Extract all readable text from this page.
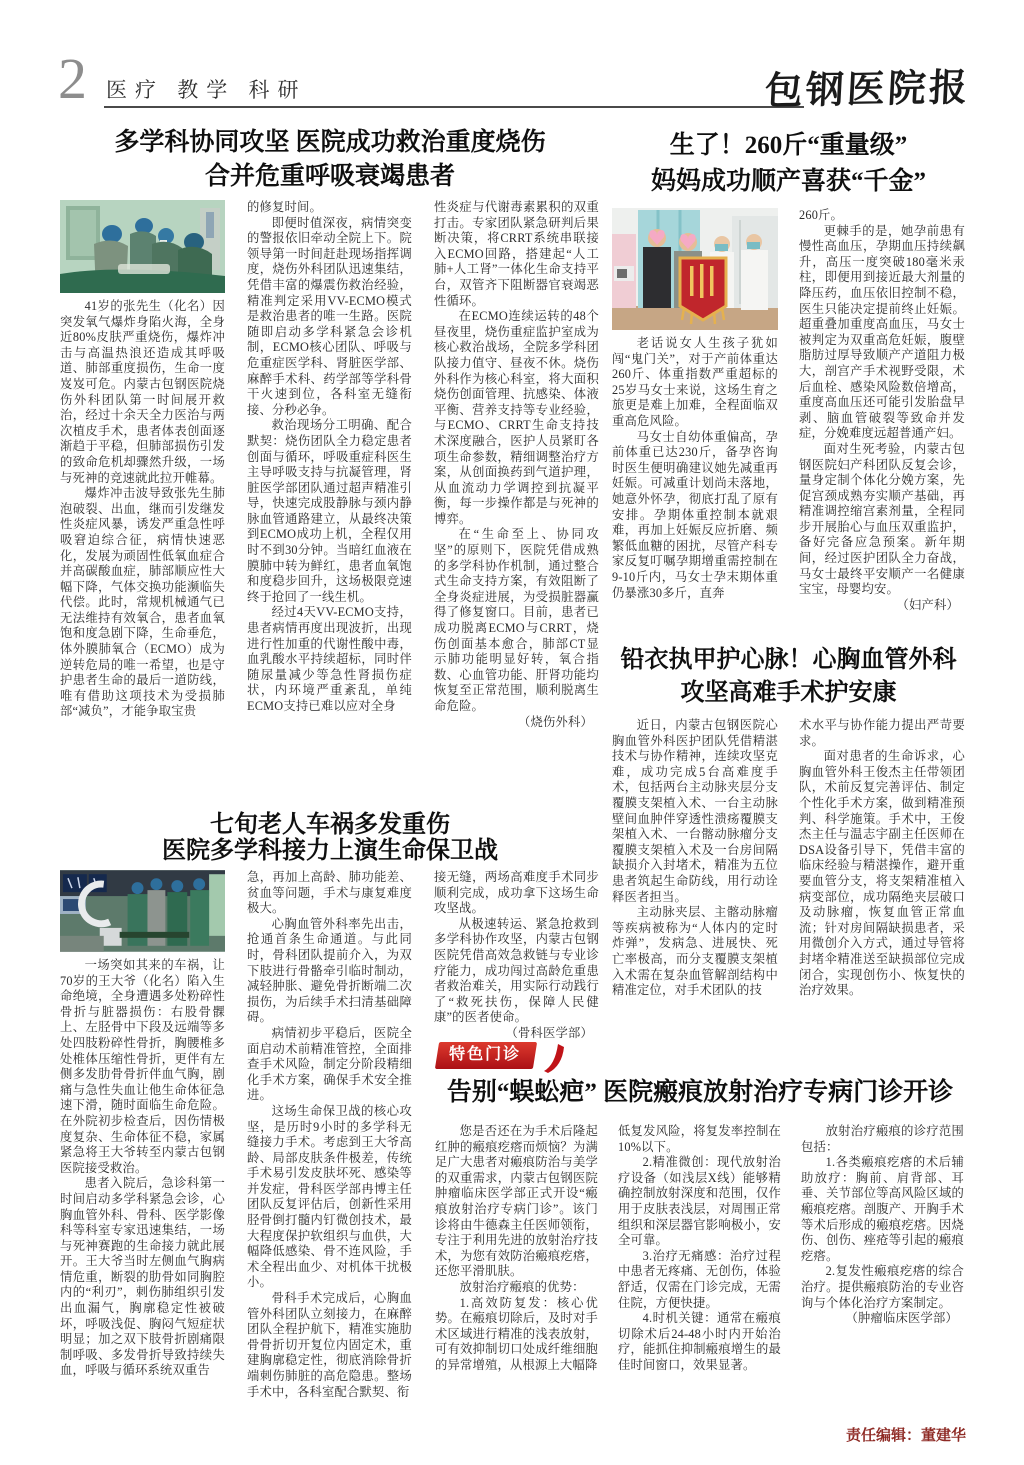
2 医疗 教学 科研	包钢医院报
多学科协同攻坚 医院成功救治重度烧伤
合并危重呼吸衰竭患者

41岁的张先生（化名）因突发氧气爆炸身陷火海，全身近80%皮肤严重烧伤，爆炸冲击与高温热浪还造成其呼吸道、肺部重度损伤，生命一度岌岌可危。内蒙古包钢医院烧伤外科团队第一时间展开救治，经过十余天全力医治与两次植皮手术，患者体表创面逐渐趋于平稳，但肺部损伤引发的致命危机却骤然升级，一场与死神的竞速就此拉开帷幕。

爆炸冲击波导致张先生肺泡破裂、出血，继而引发继发性炎症风暴，诱发严重急性呼吸窘迫综合征，病情快速恶化，发展为顽固性低氧血症合并高碳酸血症，肺部顺应性大幅下降，气体交换功能濒临失代偿。此时，常规机械通气已无法维持有效氧合，患者血氧饱和度急剧下降，生命垂危，体外膜肺氧合（ECMO）成为逆转危局的唯一希望，也是守护患者生命的最后一道防线，唯有借助这项技术为受损肺部“减负”，才能争取宝贵

的修复时间。

即便时值深夜，病情突变的警报依旧牵动全院上下。院领导第一时间赶赴现场指挥调度，烧伤外科团队迅速集结，凭借丰富的爆震伤救治经验，精准判定采用VV-ECMO模式是救治患者的唯一生路。医院随即启动多学科紧急会诊机制，ECMO核心团队、呼吸与危重症医学科、肾脏医学部、麻醉手术科、药学部等学科骨干火速到位，各科室无缝衔接、分秒必争。

救治现场分工明确、配合默契：烧伤团队全力稳定患者创面与循环，呼吸重症科医生主导呼吸支持与抗凝管理，肾脏医学部团队通过超声精准引导，快速完成股静脉与颈内静脉血管通路建立，从最终决策到ECMO成功上机，全程仅用时不到30分钟。当暗红血液在膜肺中转为鲜红，患者血氧饱和度稳步回升，这场极限竞速终于抢回了一线生机。

经过4天VV-ECMO支持，患者病情再度出现波折，出现进行性加重的代谢性酸中毒，血乳酸水平持续超标，同时伴随尿量减少等急性肾损伤症状，内环境严重紊乱，单纯ECMO支持已难以应对全身

性炎症与代谢毒素累积的双重打击。专家团队紧急研判后果断决策，将CRRT系统串联接入ECMO回路，搭建起“人工肺+人工肾”一体化生命支持平台，双管齐下阻断器官衰竭恶性循环。

在ECMO连续运转的48个昼夜里，烧伤重症监护室成为核心救治战场，全院多学科团队接力值守、昼夜不休。烧伤外科作为核心科室，将大面积烧伤创面管理、抗感染、体液平衡、营养支持等专业经验，与ECMO、CRRT生命支持技术深度融合，医护人员紧盯各项生命参数，精细调整治疗方案，从创面换药到气道护理，从血流动力学调控到抗凝平衡，每一步操作都是与死神的博弈。

在“生命至上、协同攻坚”的原则下，医院凭借成熟的多学科协作机制，通过整合式生命支持方案，有效阻断了全身炎症进展，为受损脏器赢得了修复窗口。目前，患者已成功脱离ECMO与CRRT，烧伤创面基本愈合，肺部CT显示肺功能明显好转，氧合指数、心血管功能、肝肾功能均恢复至正常范围，顺利脱离生命危险。

（烧伤外科）

生了！260斤“重量级”
妈妈成功顺产喜获“千金”

老话说女人生孩子犹如闯“鬼门关”，对于产前体重达260斤、体重指数严重超标的25岁马女士来说，这场生育之旅更是难上加难，全程面临双重高危风险。

马女士自幼体重偏高，孕前体重已达230斤，备孕咨询时医生便明确建议她先减重再妊娠。可减重计划尚未落地，她意外怀孕，彻底打乱了原有安排。孕期体重控制本就艰难，再加上妊娠反应折磨、频繁低血糖的困扰，尽管产科专家反复叮嘱孕期增重需控制在9-10斤内，马女士孕末期体重仍暴涨30多斤，直奔

260斤。

更棘手的是，她孕前患有慢性高血压，孕期血压持续飙升，高压一度突破180毫米汞柱，即便用到接近最大剂量的降压药，血压依旧控制不稳，医生只能决定提前终止妊娠。超重叠加重度高血压，马女士被判定为双重高危妊娠，腹壁脂肪过厚导致顺产产道阻力极大，剖宫产手术视野受限，术后血栓、感染风险数倍增高，重度高血压还可能引发胎盘早剥、脑血管破裂等致命并发症，分娩难度远超普通产妇。

面对生死考验，内蒙古包钢医院妇产科团队反复会诊，量身定制个体化分娩方案，先促宫颈成熟夯实顺产基础，再精准调控缩宫素剂量，全程同步开展胎心与血压双重监护，备好完备应急预案。新年期间，经过医护团队全力奋战，马女士最终平安顺产一名健康宝宝，母婴均安。

（妇产科）

铅衣执甲护心脉！心胸血管外科
攻坚高难手术护安康

近日，内蒙古包钢医院心胸血管外科医护团队凭借精湛技术与协作精神，连续攻坚克难，成功完成5台高难度手术，包括两台主动脉夹层分支覆膜支架植入术、一台主动脉壁间血肿伴穿透性溃疡覆膜支架植入术、一台髂动脉瘤分支覆膜支架植入术及一台房间隔缺损介入封堵术，精准为五位患者筑起生命防线，用行动诠释医者担当。

主动脉夹层、主髂动脉瘤等疾病被称为“人体内的定时炸弹”，发病急、进展快、死亡率极高，而分支覆膜支架植入术需在复杂血管解剖结构中精准定位，对手术团队的技

术水平与协作能力提出严苛要求。

面对患者的生命诉求，心胸血管外科王俊杰主任带领团队，术前反复完善评估、制定个性化手术方案，做到精准预判、科学施策。手术中，王俊杰主任与温志宇副主任医师在DSA设备引导下，凭借丰富的临床经验与精湛操作，避开重要血管分支，将支架精准植入病变部位，成功隔绝夹层破口及动脉瘤，恢复血管正常血流；针对房间隔缺损患者，采用微创介入方式，通过导管将封堵伞精准送至缺损部位完成闭合，实现创伤小、恢复快的治疗效果。

七旬老人车祸多发重伤
医院多学科接力上演生命保卫战

一场突如其来的车祸，让70岁的王大爷（化名）陷入生命绝境，全身遭遇多处粉碎性骨折与脏器损伤：右股骨髁上、左胫骨中下段及远端等多处四肢粉碎性骨折，胸腰椎多处椎体压缩性骨折，更伴有左侧多发肋骨骨折伴血气胸，剧痛与急性失血让他生命体征急速下滑，随时面临生命危险。在外院初步检查后，因伤情极度复杂、生命体征不稳，家属紧急将王大爷转至内蒙古包钢医院接受救治。

患者入院后，急诊科第一时间启动多学科紧急会诊，心胸血管外科、骨科、医学影像科等科室专家迅速集结，一场与死神赛跑的生命接力就此展开。王大爷当时左侧血气胸病情危重，断裂的肋骨如同胸腔内的“利刃”，刺伤肺组织引发出血漏气，胸廓稳定性被破坏，呼吸浅促、胸闷气短症状明显；加之双下肢骨折剧痛限制呼吸、多发骨折导致持续失血，呼吸与循环系统双重告

急，再加上高龄、肺功能差、贫血等问题，手术与康复难度极大。

心胸血管外科率先出击，抢通首条生命通道。与此同时，骨科团队提前介入，为双下肢进行骨骼牵引临时制动，减轻肿胀、避免骨折断端二次损伤，为后续手术扫清基础障碍。

病情初步平稳后，医院全面启动术前精准管控，全面排查手术风险，制定分阶段精细化手术方案，确保手术安全推进。

这场生命保卫战的核心攻坚，是历时9小时的多学科无缝接力手术。考虑到王大爷高龄、局部皮肤条件极差，传统手术易引发皮肤坏死、感染等并发症，骨科医学部冉博主任团队反复评估后，创新性采用胫骨倒打髓内钉微创技术，最大程度保护软组织与血供，大幅降低感染、骨不连风险，手术全程出血少、对机体干扰极小。

骨科手术完成后，心胸血管外科团队立刻接力，在麻醉团队全程护航下，精准实施肋骨骨折切开复位内固定术，重建胸廓稳定性，彻底消除骨折端刺伤肺脏的高危隐患。整场手术中，各科室配合默契、衔

接无缝，两场高难度手术同步顺利完成，成功拿下这场生命攻坚战。

从极速转运、紧急抢救到多学科协作攻坚，内蒙古包钢医院凭借高效急救链与专业诊疗能力，成功闯过高龄危重患者救治难关，用实际行动践行了“救死扶伤，保障人民健康”的医者使命。

（骨科医学部）

特色门诊
告别“蜈蚣疤” 医院瘢痕放射治疗专病门诊开诊

您是否还在为手术后隆起红肿的瘢痕疙瘩而烦恼？为满足广大患者对瘢痕防治与美学的双重需求，内蒙古包钢医院肿瘤临床医学部正式开设“瘢痕放射治疗专病门诊”。该门诊将由牛德森主任医师领衔，专注于利用先进的放射治疗技术，为您有效防治瘢痕疙瘩，还您平滑肌肤。

放射治疗瘢痕的优势：

1.高效防复发：核心优势。在瘢痕切除后，及时对手术区域进行精准的浅表放射，可有效抑制切口处成纤维细胞的异常增殖，从根源上大幅降

低复发风险，将复发率控制在10%以下。

2.精准微创：现代放射治疗设备（如浅层X线）能够精确控制放射深度和范围，仅作用于皮肤表浅层，对周围正常组织和深层器官影响极小，安全可靠。

3.治疗无痛感：治疗过程中患者无疼痛、无创伤，体验舒适，仅需在门诊完成，无需住院，方便快捷。

4.时机关键：通常在瘢痕切除术后24-48小时内开始治疗，能抓住抑制瘢痕增生的最佳时间窗口，效果显著。

放射治疗瘢痕的诊疗范围包括：

1.各类瘢痕疙瘩的术后辅助放疗：胸前、肩背部、耳垂、关节部位等高风险区域的瘢痕疙瘩。剖腹产、开胸手术等术后形成的瘢痕疙瘩。因烧伤、创伤、痤疮等引起的瘢痕疙瘩。

2.复发性瘢痕疙瘩的综合治疗。提供瘢痕防治的专业咨询与个体化治疗方案制定。

（肿瘤临床医学部）

责任编辑：董建华
